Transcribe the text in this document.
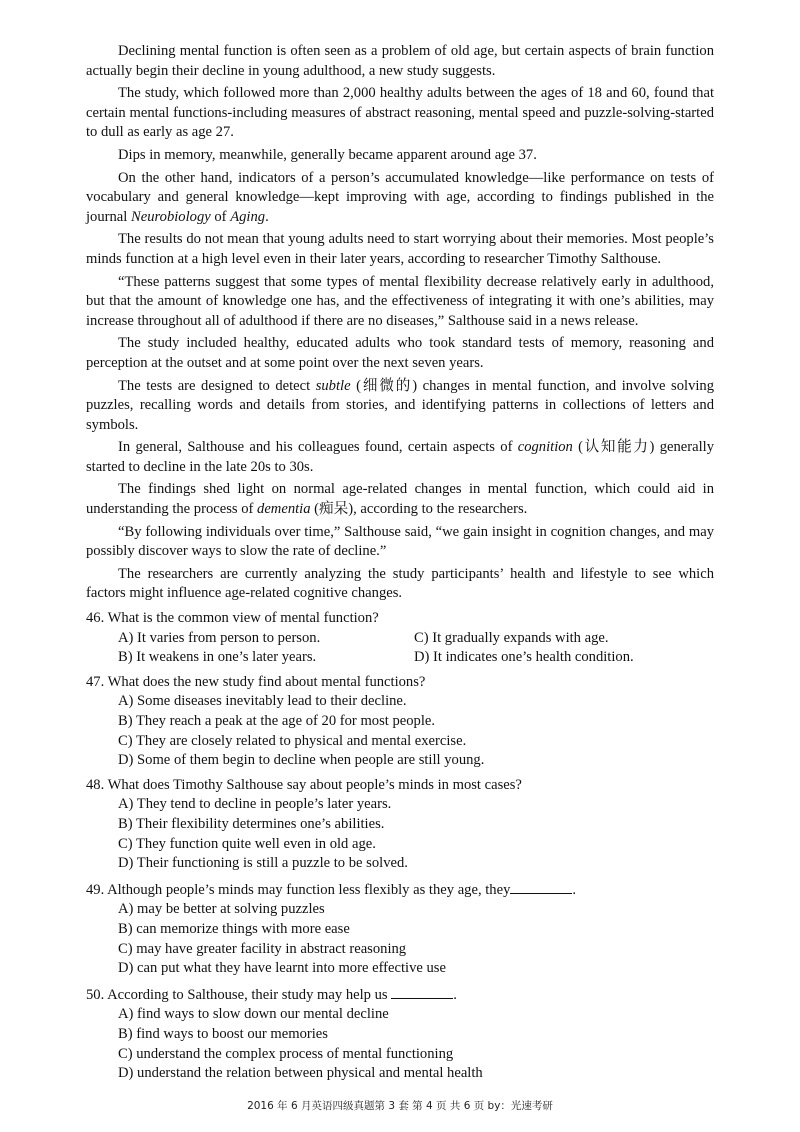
Declining mental function is often seen as a problem of old age, but certain aspects of brain function actually begin their decline in young adulthood, a new study suggests.

The study, which followed more than 2,000 healthy adults between the ages of 18 and 60, found that certain mental functions-including measures of abstract reasoning, mental speed and puzzle-solving-started to dull as early as age 27.

Dips in memory, meanwhile, generally became apparent around age 37.

On the other hand, indicators of a person’s accumulated knowledge—like performance on tests of vocabulary and general knowledge—kept improving with age, according to findings published in the journal Neurobiology of Aging.

The results do not mean that young adults need to start worrying about their memories. Most people’s minds function at a high level even in their later years, according to researcher Timothy Salthouse.

“These patterns suggest that some types of mental flexibility decrease relatively early in adulthood, but that the amount of knowledge one has, and the effectiveness of integrating it with one’s abilities, may increase throughout all of adulthood if there are no diseases,” Salthouse said in a news release.

The study included healthy, educated adults who took standard tests of memory, reasoning and perception at the outset and at some point over the next seven years.

The tests are designed to detect subtle (细微的) changes in mental function, and involve solving puzzles, recalling words and details from stories, and identifying patterns in collections of letters and symbols.

In general, Salthouse and his colleagues found, certain aspects of cognition (认知能力) generally started to decline in the late 20s to 30s.

The findings shed light on normal age-related changes in mental function, which could aid in understanding the process of dementia (痴呆), according to the researchers.

“By following individuals over time,” Salthouse said, “we gain insight in cognition changes, and may possibly discover ways to slow the rate of decline.”

The researchers are currently analyzing the study participants’ health and lifestyle to see which factors might influence age-related cognitive changes.

46. What is the common view of mental function?

A) It varies from person to person.	C) It gradually expands with age.
B) It weakens in one’s later years.	D) It indicates one’s health condition.

47. What does the new study find about mental functions?

A) Some diseases inevitably lead to their decline.
B) They reach a peak at the age of 20 for most people.
C) They are closely related to physical and mental exercise.
D) Some of them begin to decline when people are still young.

48. What does Timothy Salthouse say about people’s minds in most cases?

A) They tend to decline in people’s later years.
B) Their flexibility determines one’s abilities.
C) They function quite well even in old age.
D) Their functioning is still a puzzle to be solved.

49. Although people’s minds may function less flexibly as they age, they	.

A) may be better at solving puzzles
B) can memorize things with more ease
C) may have greater facility in abstract reasoning
D) can put what they have learnt into more effective use

50. According to Salthouse, their study may help us	.

A) find ways to slow down our mental decline
B) find ways to boost our memories
C) understand the complex process of mental functioning
D) understand the relation between physical and mental health
2016 年 6 月英语四级真题第 3 套 第 4 页 共 6 页 by：光速考研
